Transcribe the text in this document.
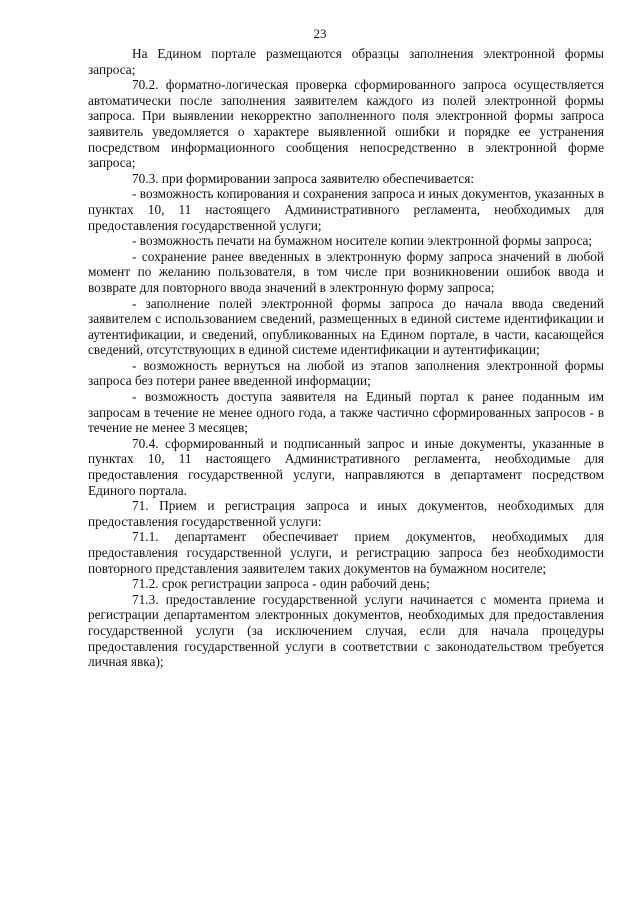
23

На Едином портале размещаются образцы заполнения электронной формы запроса;

70.2. форматно-логическая проверка сформированного запроса осуществляется автоматически после заполнения заявителем каждого из полей электронной формы запроса. При выявлении некорректно заполненного поля электронной формы запроса заявитель уведомляется о характере выявленной ошибки и порядке ее устранения посредством информационного сообщения непосредственно в электронной форме запроса;

70.3. при формировании запроса заявителю обеспечивается:

- возможность копирования и сохранения запроса и иных документов, указанных в пунктах 10, 11 настоящего Административного регламента, необходимых для предоставления государственной услуги;

- возможность печати на бумажном носителе копии электронной формы запроса;

- сохранение ранее введенных в электронную форму запроса значений в любой момент по желанию пользователя, в том числе при возникновении ошибок ввода и возврате для повторного ввода значений в электронную форму запроса;

- заполнение полей электронной формы запроса до начала ввода сведений заявителем с использованием сведений, размещенных в единой системе идентификации и аутентификации, и сведений, опубликованных на Едином портале, в части, касающейся сведений, отсутствующих в единой системе идентификации и аутентификации;

- возможность вернуться на любой из этапов заполнения электронной формы запроса без потери ранее введенной информации;

- возможность доступа заявителя на Единый портал к ранее поданным им запросам в течение не менее одного года, а также частично сформированных запросов - в течение не менее 3 месяцев;

70.4. сформированный и подписанный запрос и иные документы, указанные в пунктах 10, 11 настоящего Административного регламента, необходимые для предоставления государственной услуги, направляются в департамент посредством Единого портала.

71. Прием и регистрация запроса и иных документов, необходимых для предоставления государственной услуги:

71.1. департамент обеспечивает прием документов, необходимых для предоставления государственной услуги, и регистрацию запроса без необходимости повторного представления заявителем таких документов на бумажном носителе;

71.2. срок регистрации запроса - один рабочий день;

71.3. предоставление государственной услуги начинается с момента приема и регистрации департаментом электронных документов, необходимых для предоставления государственной услуги (за исключением случая, если для начала процедуры предоставления государственной услуги в соответствии с законодательством требуется личная явка);
